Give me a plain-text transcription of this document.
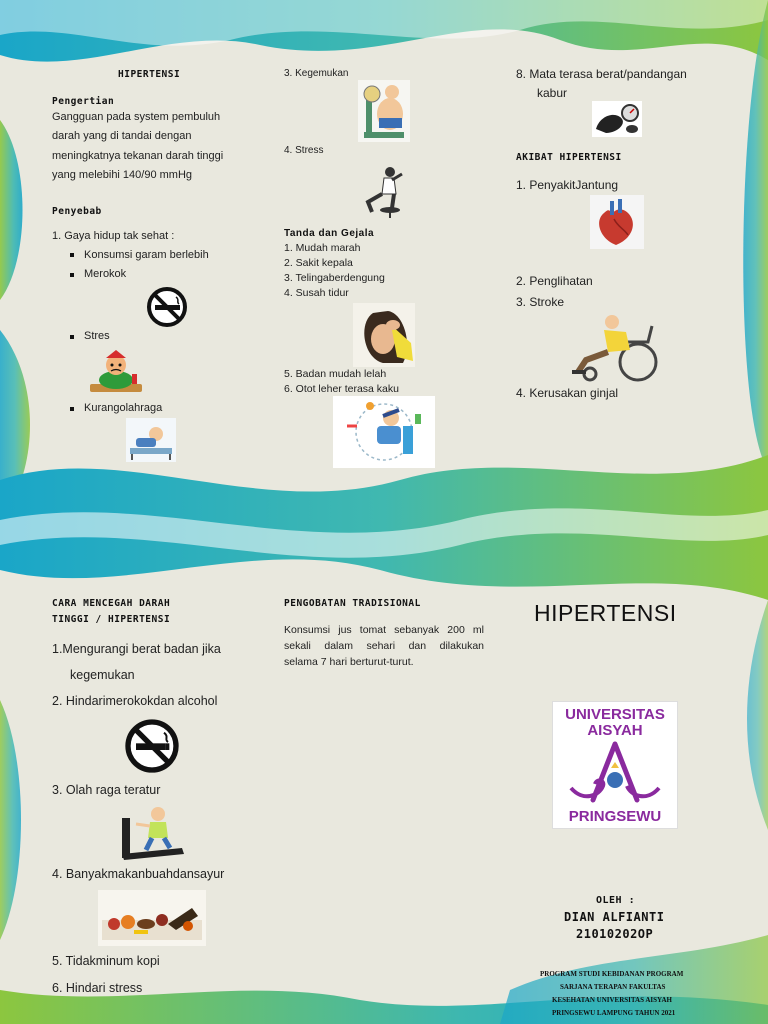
HIPERTENSI

Pengertian

Gangguan pada system pembuluh

darah yang di tandai dengan

meningkatnya tekanan darah tinggi

yang melebihi 140/90 mmHg

Penyebab

1. Gaya hidup tak sehat :

Konsumsi garam berlebih

Merokok

Stres

Kurangolahraga

3. Kegemukan

4. Stress

Tanda dan Gejala

1. Mudah marah

2. Sakit kepala

3. Telingaberdengung

4. Susah tidur

5. Badan mudah lelah

6. Otot leher terasa kaku

8. Mata terasa berat/pandangan

kabur

AKIBAT HIPERTENSI

1. PenyakitJantung

2. Penglihatan

3. Stroke

4. Kerusakan ginjal

CARA MENCEGAH DARAH

TINGGI / HIPERTENSI

1.Mengurangi berat badan jika

kegemukan

2. Hindarimerokokdan alcohol

3. Olah raga teratur

4. Banyakmakanbuahdansayur

5. Tidakminum kopi

6. Hindari stress

PENGOBATAN TRADISIONAL

Konsumsi jus tomat sebanyak 200 ml
sekali dalam sehari dan dilakukan
selama 7 hari berturut-turut.

HIPERTENSI

UNIVERSITAS
AISYAH
PRINGSEWU

OLEH :

DIAN ALFIANTI

21010202OP

PROGRAM STUDI KEBIDANAN PROGRAM

SARJANA TERAPAN FAKULTAS

KESEHATAN UNIVERSITAS AISYAH

PRINGSEWU LAMPUNG TAHUN 2021
